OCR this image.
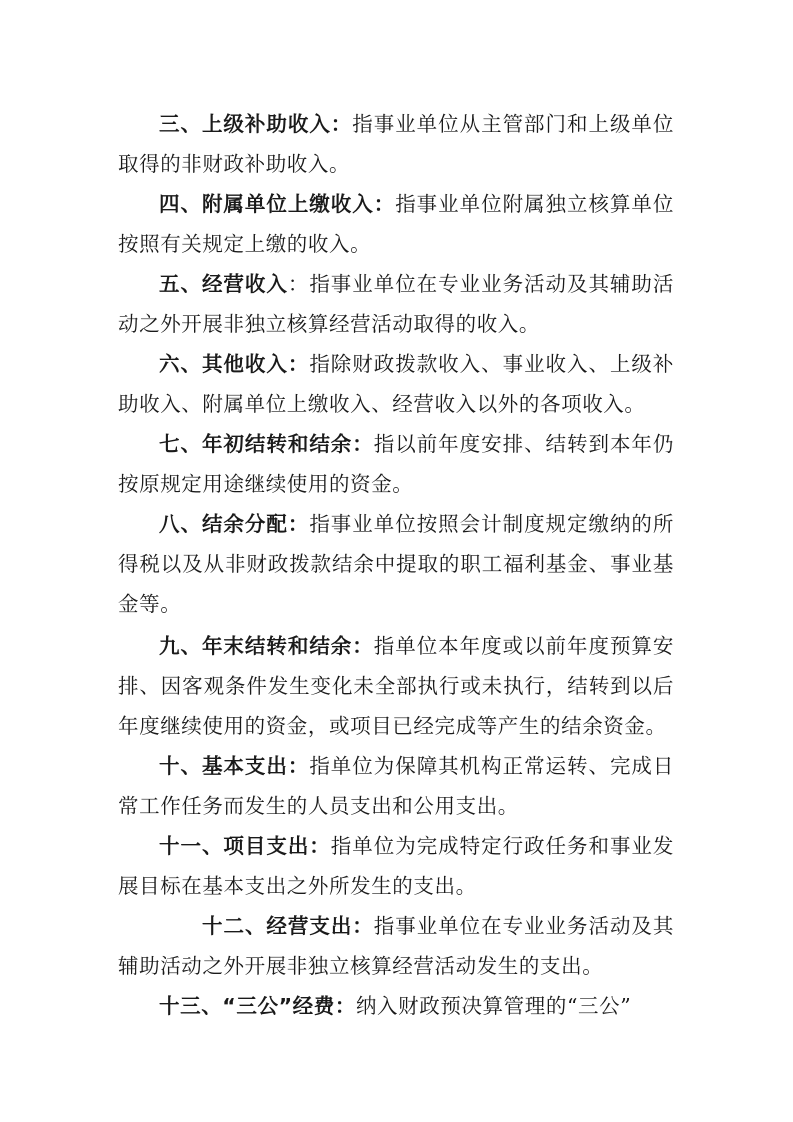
三、上级补助收入：指事业单位从主管部门和上级单位取得的非财政补助收入。

四、附属单位上缴收入：指事业单位附属独立核算单位按照有关规定上缴的收入。

五、经营收入：指事业单位在专业业务活动及其辅助活动之外开展非独立核算经营活动取得的收入。

六、其他收入：指除财政拨款收入、事业收入、上级补助收入、附属单位上缴收入、经营收入以外的各项收入。

七、年初结转和结余：指以前年度安排、结转到本年仍按原规定用途继续使用的资金。

八、结余分配：指事业单位按照会计制度规定缴纳的所得税以及从非财政拨款结余中提取的职工福利基金、事业基金等。

九、年末结转和结余：指单位本年度或以前年度预算安排、因客观条件发生变化未全部执行或未执行，结转到以后年度继续使用的资金，或项目已经完成等产生的结余资金。

十、基本支出：指单位为保障其机构正常运转、完成日常工作任务而发生的人员支出和公用支出。

十一、项目支出：指单位为完成特定行政任务和事业发展目标在基本支出之外所发生的支出。

十二、经营支出：指事业单位在专业业务活动及其辅助活动之外开展非独立核算经营活动发生的支出。

十三、“三公”经费：纳入财政预决算管理的“三公”
